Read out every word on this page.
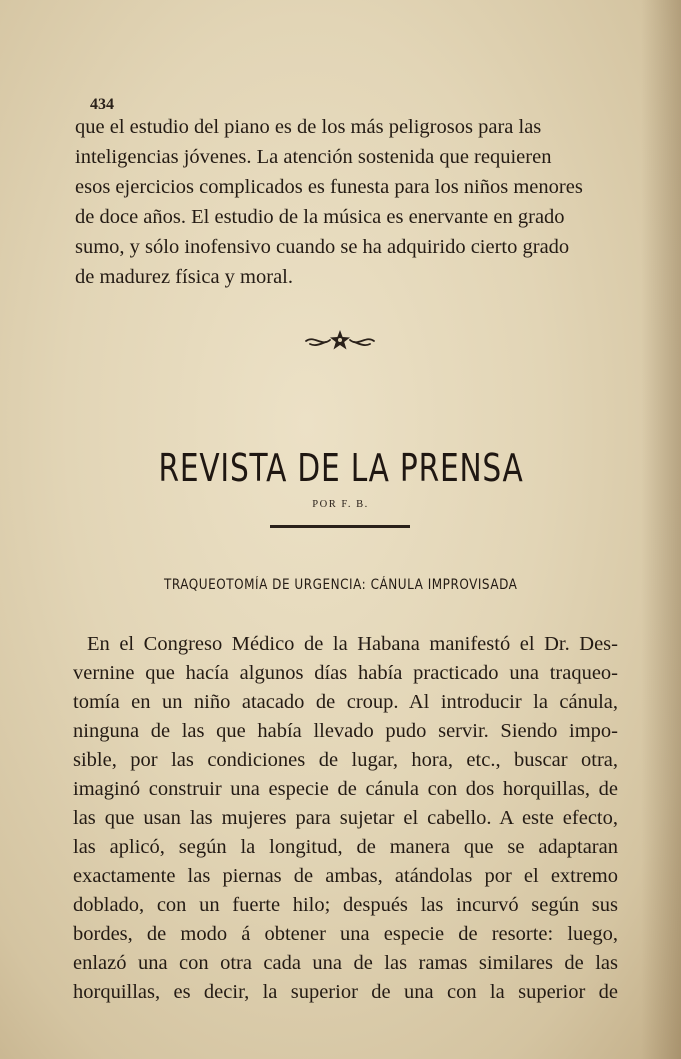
434

que el estudio del piano es de los más peligrosos para las
inteligencias jóvenes. La atención sostenida que requieren
esos ejercicios complicados es funesta para los niños menores
de doce años. El estudio de la música es enervante en grado
sumo, y sólo inofensivo cuando se ha adquirido cierto grado
de madurez física y moral.

REVISTA DE LA PRENSA
POR F. B.
TRAQUEOTOMÍA DE URGENCIA: CÁNULA IMPROVISADA

En el Congreso Médico de la Habana manifestó el Dr. Des-
vernine que hacía algunos días había practicado una traqueo-
tomía en un niño atacado de croup. Al introducir la cánula,
ninguna de las que había llevado pudo servir. Siendo impo-
sible, por las condiciones de lugar, hora, etc., buscar otra,
imaginó construir una especie de cánula con dos horquillas, de
las que usan las mujeres para sujetar el cabello. A este efecto,
las aplicó, según la longitud, de manera que se adaptaran
exactamente las piernas de ambas, atándolas por el extremo
doblado, con un fuerte hilo; después las incurvó según sus
bordes, de modo á obtener una especie de resorte: luego,
enlazó una con otra cada una de las ramas similares de las
horquillas, es decir, la superior de una con la superior de
